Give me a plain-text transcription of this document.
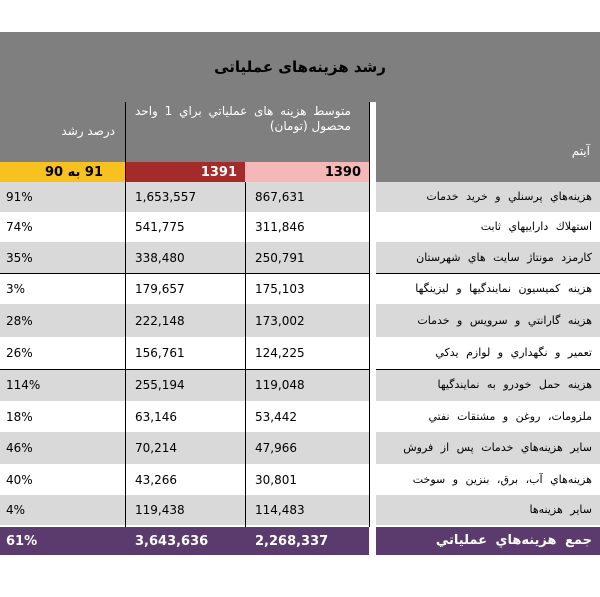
رشد هزینه‌های عملیاتی
درصد رشد
متوسط هزینه های عملیاتي براي 1 واحد محصول (تومان)
آيتم
91 به 90	1391	1390
91%	1,653,557	867,631	هزينه‌هاي پرسنلي و خريد خدمات
74%	541,775	311,846	استهلاك داراييهاي ثابت
35%	338,480	250,791	كارمزد مونتاژ سايت هاي شهرستان
3%	179,657	175,103	هزينه كميسيون نمايندگيها و ليزينگها
28%	222,148	173,002	هزينه گارانتي و سرويس و خدمات
26%	156,761	124,225	تعمير و نگهداري و لوازم يدكي
114%	255,194	119,048	هزينه حمل خودرو به نمايندگيها
18%	63,146	53,442	ملزومات، روغن و مشتقات نفتي
46%	70,214	47,966	ساير هزينه‌هاي خدمات پس از فروش
40%	43,266	30,801	هزينه‌هاي آب، برق، بنزين و سوخت
4%	119,438	114,483	ساير هزينه‌ها
61%	3,643,636	2,268,337	جمع هزينه‌هاي عملياتي
